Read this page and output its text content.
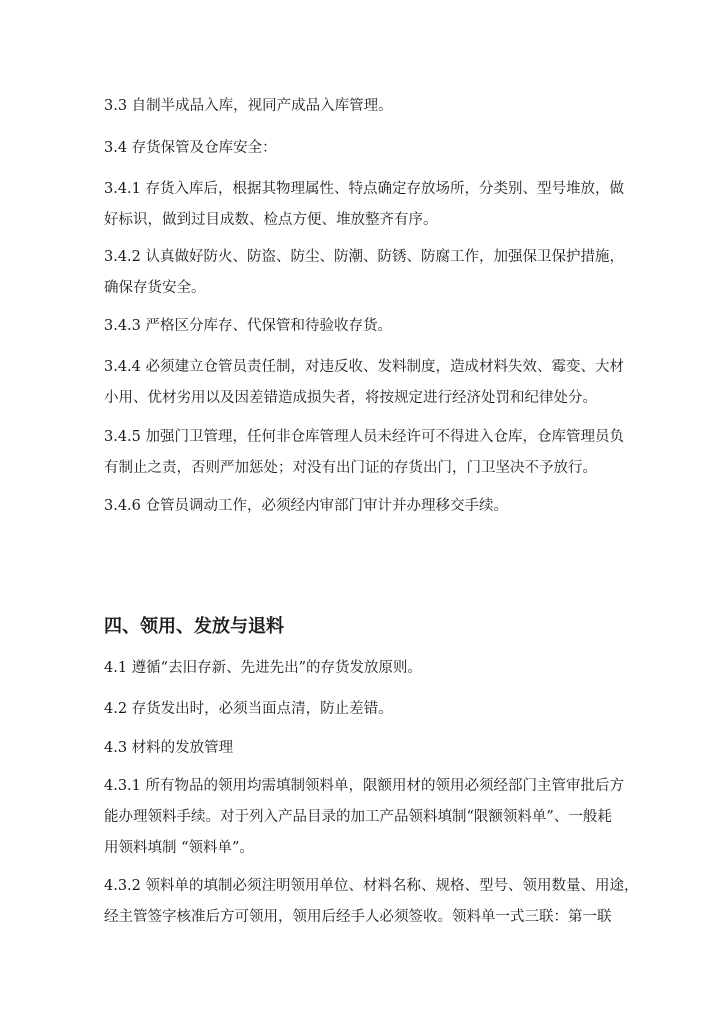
3.3 自制半成品入库，视同产成品入库管理。
3.4 存货保管及仓库安全：
3.4.1 存货入库后，根据其物理属性、特点确定存放场所，分类别、型号堆放，做
好标识，做到过目成数、检点方便、堆放整齐有序。
3.4.2 认真做好防火、防盗、防尘、防潮、防锈、防腐工作，加强保卫保护措施，
确保存货安全。
3.4.3 严格区分库存、代保管和待验收存货。
3.4.4 必须建立仓管员责任制，对违反收、发料制度，造成材料失效、霉变、大材
小用、优材劣用以及因差错造成损失者，将按规定进行经济处罚和纪律处分。
3.4.5 加强门卫管理，任何非仓库管理人员未经许可不得进入仓库，仓库管理员负
有制止之责，否则严加惩处；对没有出门证的存货出门，门卫坚决不予放行。
3.4.6 仓管员调动工作，必须经内审部门审计并办理移交手续。
四、领用、发放与退料
4.1 遵循“去旧存新、先进先出”的存货发放原则。
4.2 存货发出时，必须当面点清，防止差错。
4.3 材料的发放管理
4.3.1 所有物品的领用均需填制领料单，限额用材的领用必须经部门主管审批后方
能办理领料手续。对于列入产品目录的加工产品领料填制“限额领料单”、一般耗
用领料填制 “领料单”。
4.3.2 领料单的填制必须注明领用单位、材料名称、规格、型号、领用数量、用途，
经主管签字核准后方可领用，领用后经手人必须签收。领料单一式三联：第一联
